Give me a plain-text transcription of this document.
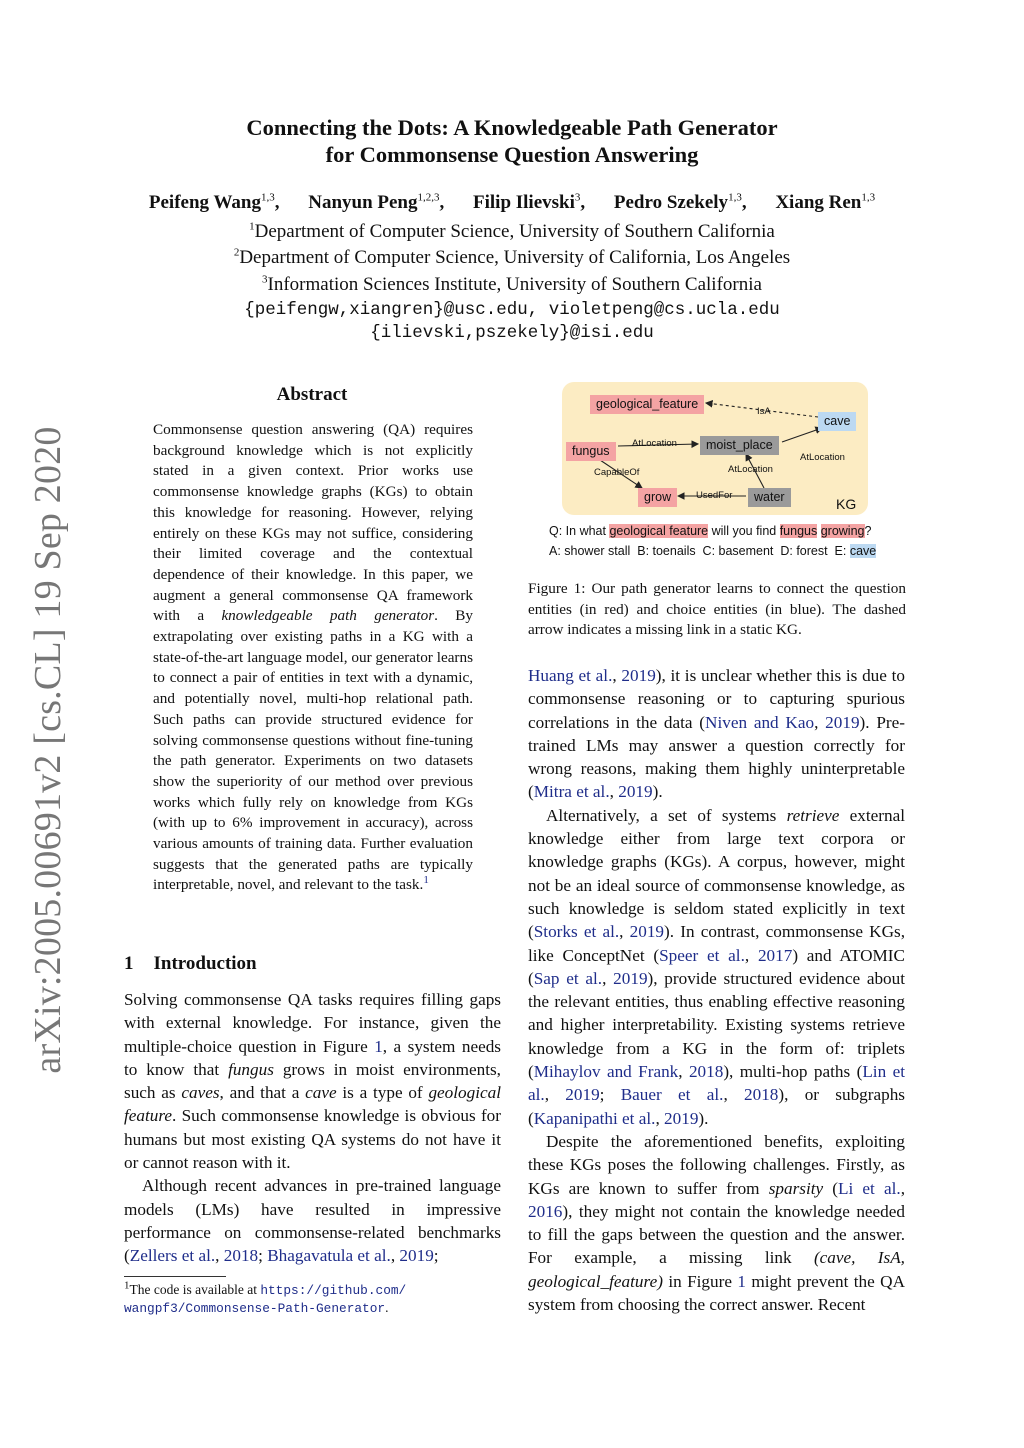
arXiv:2005.00691v2 [cs.CL] 19 Sep 2020
Connecting the Dots: A Knowledgeable Path Generator
for Commonsense Question Answering
Peifeng Wang$^{1,3}$, Nanyun Peng$^{1,2,3}$, Filip Ilievski$^3$, Pedro Szekely$^{1,3}$, Xiang Ren$^{1,3}$
$^1$Department of Computer Science, University of Southern California
$^2$Department of Computer Science, University of California, Los Angeles
$^3$Information Sciences Institute, University of Southern California
{peifengw,xiangren}@usc.edu, violetpeng@cs.ucla.edu
{ilievski,pszekely}@isi.edu
Abstract
Commonsense question answering (QA) requires background knowledge which is not explicitly stated in a given context. Prior works use commonsense knowledge graphs (KGs) to obtain this knowledge for reasoning. However, relying entirely on these KGs may not suffice, considering their limited coverage and the contextual dependence of their knowledge. In this paper, we augment a general commonsense QA framework with a knowledgeable path generator. By extrapolating over existing paths in a KG with a state-of-the-art language model, our generator learns to connect a pair of entities in text with a dynamic, and potentially novel, multi-hop relational path. Such paths can provide structured evidence for solving commonsense questions without fine-tuning the path generator. Experiments on two datasets show the superiority of our method over previous works which fully rely on knowledge from KGs (with up to 6% improvement in accuracy), across various amounts of training data. Further evaluation suggests that the generated paths are typically interpretable, novel, and relevant to the task.$^1$
1 Introduction

Solving commonsense QA tasks requires filling gaps with external knowledge. For instance, given the multiple-choice question in Figure 1, a system needs to know that fungus grows in moist environments, such as caves, and that a cave is a type of geological feature. Such commonsense knowledge is obvious for humans but most existing QA systems do not have it or cannot reason with it.

Although recent advances in pre-trained language models (LMs) have resulted in impressive performance on commonsense-related benchmarks (Zellers et al., 2018; Bhagavatula et al., 2019;

$^1$The code is available at https://github.com/
wangpf3/Commonsense-Path-Generator.
geological_feature
cave
fungus	moist_place
grow	water	KG
IsA
AtLocation
AtLocation
AtLocation
CapableOf
UsedFor
Q: In what geological feature will you find fungus growing?
A: shower stall  B: toenails  C: basement  D: forest  E: cave
Figure 1: Our path generator learns to connect the question entities (in red) and choice entities (in blue). The dashed arrow indicates a missing link in a static KG.

Huang et al., 2019), it is unclear whether this is due to commonsense reasoning or to capturing spurious correlations in the data (Niven and Kao, 2019). Pre-trained LMs may answer a question correctly for wrong reasons, making them highly uninterpretable (Mitra et al., 2019).

Alternatively, a set of systems retrieve external knowledge either from large text corpora or knowledge graphs (KGs). A corpus, however, might not be an ideal source of commonsense knowledge, as such knowledge is seldom stated explicitly in text (Storks et al., 2019). In contrast, commonsense KGs, like ConceptNet (Speer et al., 2017) and ATOMIC (Sap et al., 2019), provide structured evidence about the relevant entities, thus enabling effective reasoning and higher interpretability. Existing systems retrieve knowledge from a KG in the form of: triplets (Mihaylov and Frank, 2018), multi-hop paths (Lin et al., 2019; Bauer et al., 2018), or subgraphs (Kapanipathi et al., 2019).

Despite the aforementioned benefits, exploiting these KGs poses the following challenges. Firstly, as KGs are known to suffer from sparsity (Li et al., 2016), they might not contain the knowledge needed to fill the gaps between the question and the answer. For example, a missing link (cave, IsA, geological_feature) in Figure 1 might prevent the QA system from choosing the correct answer. Recent
